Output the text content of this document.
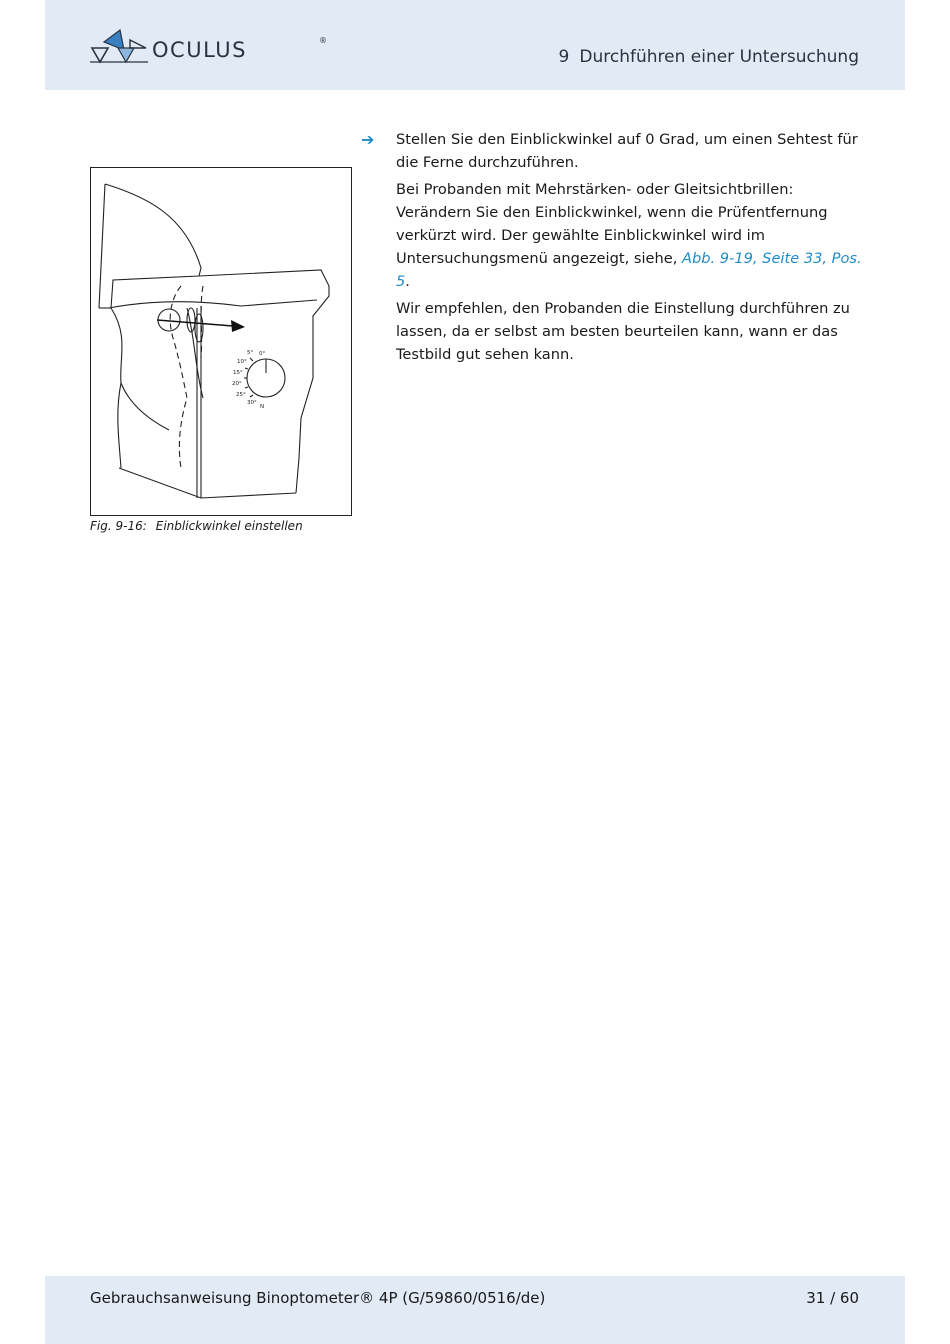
OCULUS	®
9 Durchführen einer Untersuchung
0°
5°
10°
15°
20°
25°
30°
N
Fig. 9-16: Einblickwinkel einstellen
➔ Stellen Sie den Einblickwinkel auf 0 Grad, um einen Sehtest für die Ferne durchzuführen.

Bei Probanden mit Mehrstärken- oder Gleitsichtbrillen: Verändern Sie den Einblickwinkel, wenn die Prüfentfernung verkürzt wird. Der gewählte Einblickwinkel wird im Untersuchungsmenü angezeigt, siehe, Abb. 9-19, Seite 33, Pos. 5.

Wir empfehlen, den Probanden die Einstellung durchführen zu lassen, da er selbst am besten beurteilen kann, wann er das Testbild gut sehen kann.

Gebrauchsanweisung Binoptometer® 4P (G/59860/0516/de)	31 / 60
